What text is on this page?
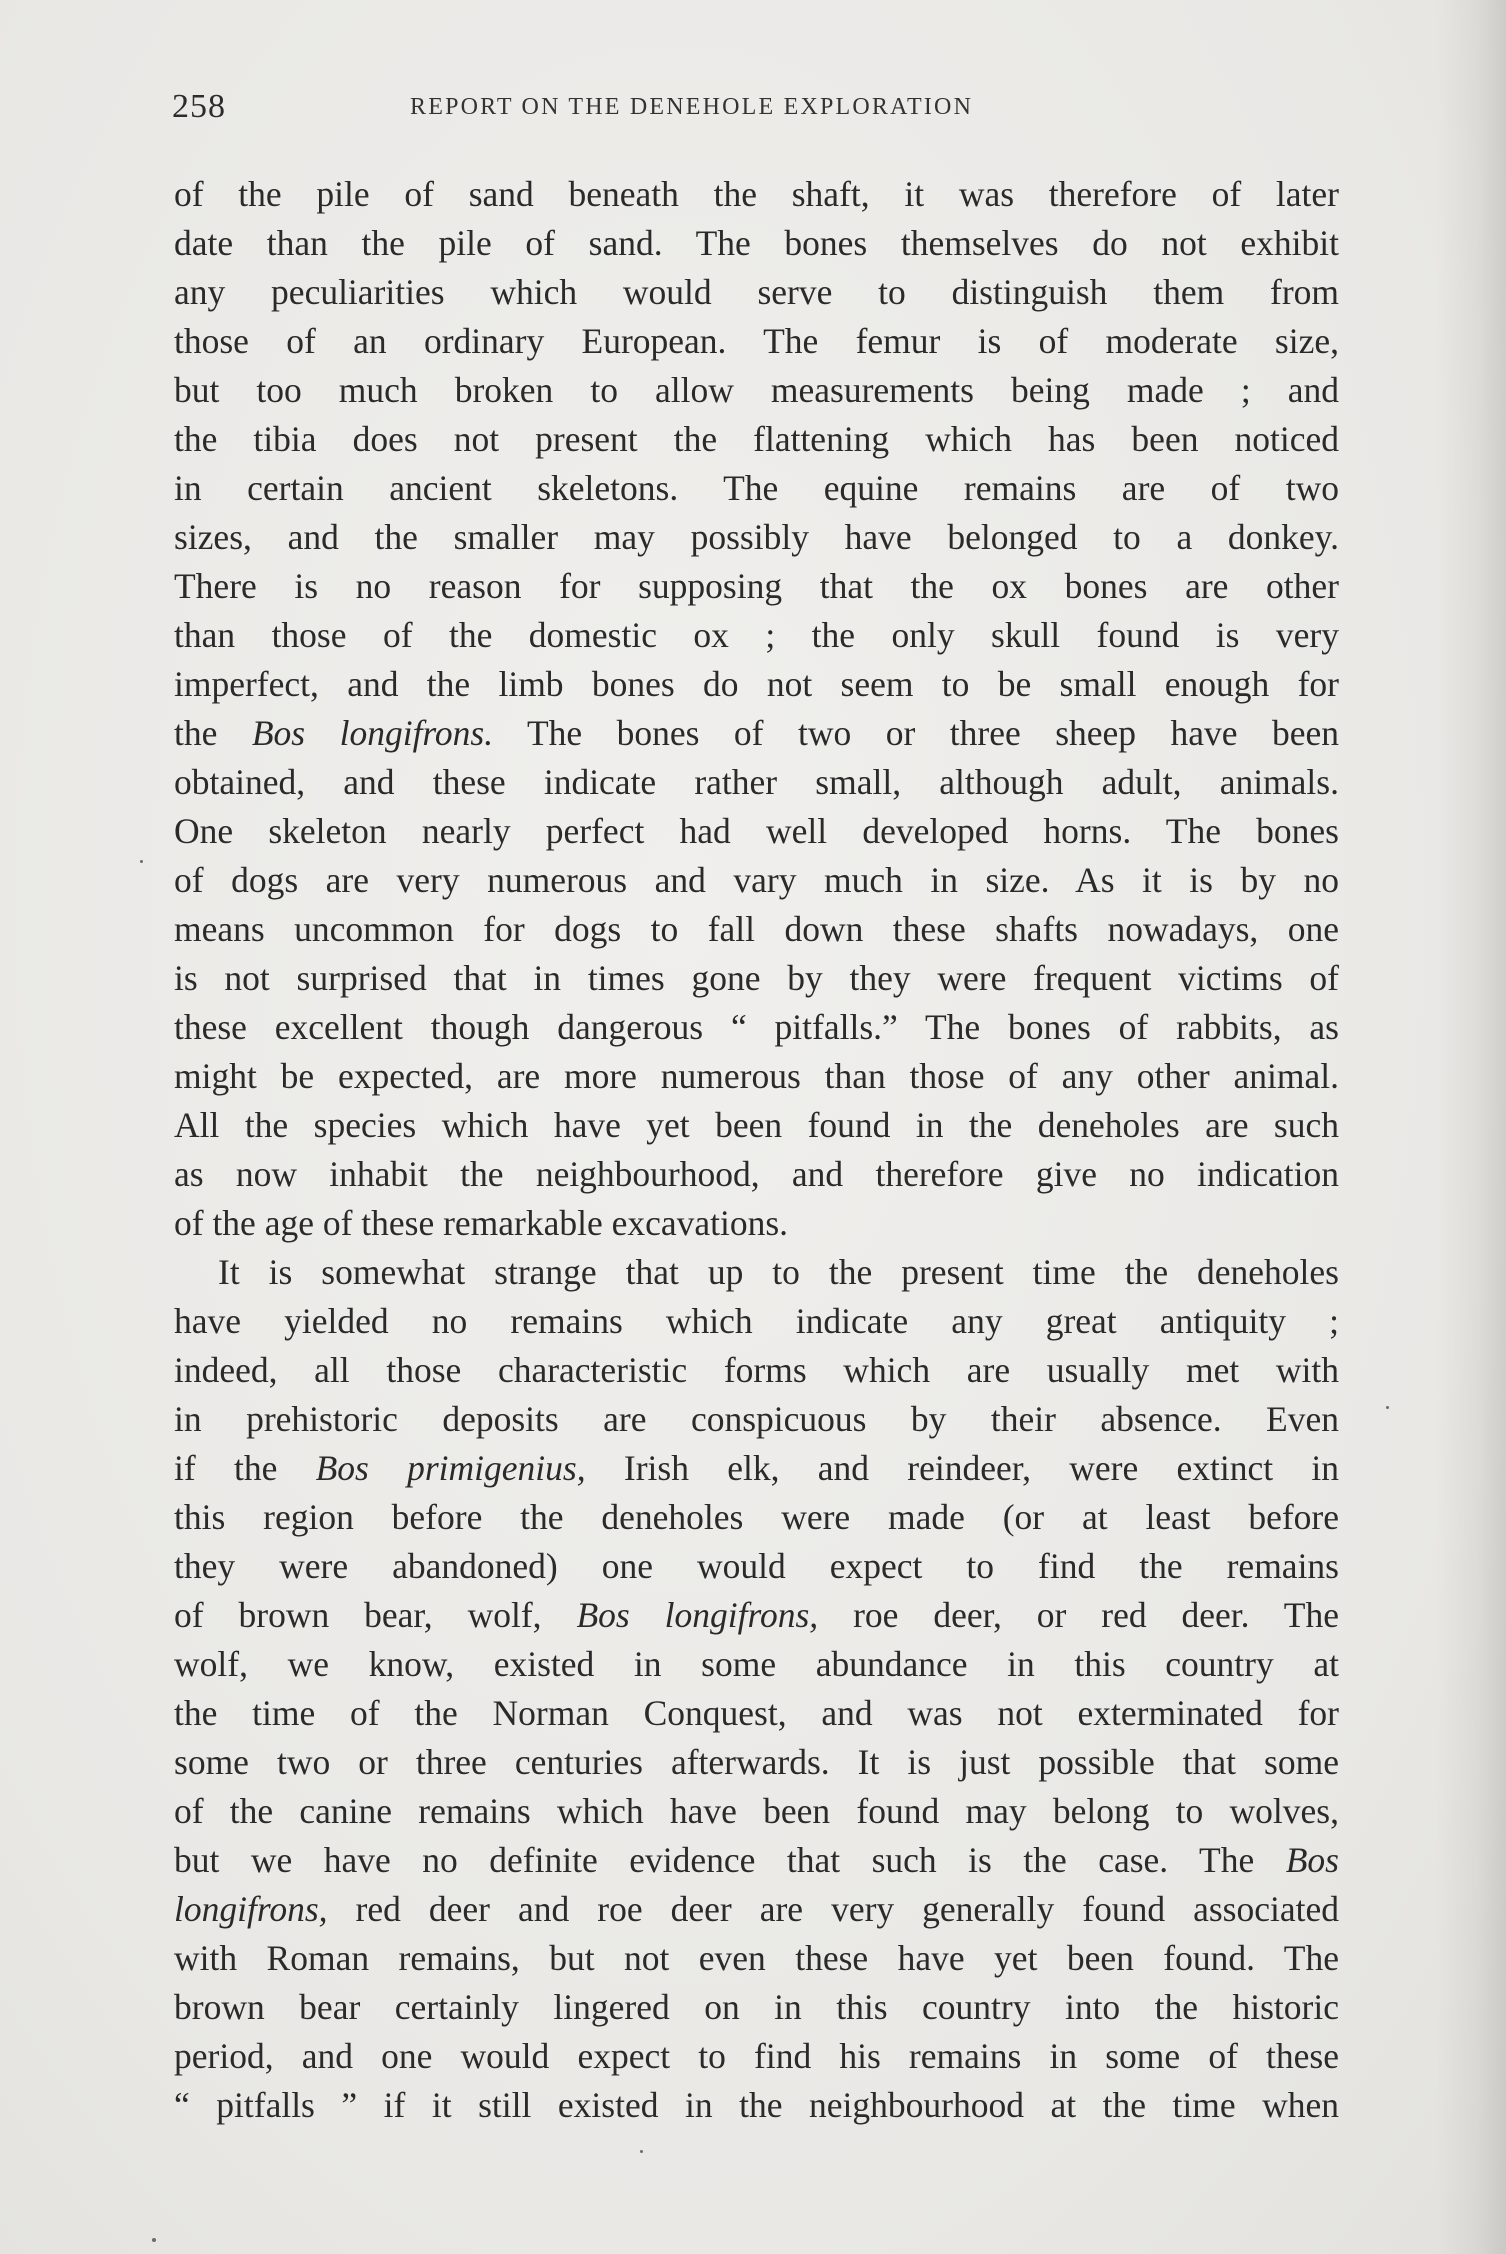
258	REPORT ON THE DENEHOLE EXPLORATION
of the pile of sand beneath the shaft, it was therefore of later
date than the pile of sand. The bones themselves do not exhibit
any peculiarities which would serve to distinguish them from
those of an ordinary European. The femur is of moderate size,
but too much broken to allow measurements being made ; and
the tibia does not present the flattening which has been noticed
in certain ancient skeletons. The equine remains are of two
sizes, and the smaller may possibly have belonged to a donkey.
There is no reason for supposing that the ox bones are other
than those of the domestic ox ; the only skull found is very
imperfect, and the limb bones do not seem to be small enough for
the Bos longifrons. The bones of two or three sheep have been
obtained, and these indicate rather small, although adult, animals.
One skeleton nearly perfect had well developed horns. The bones
of dogs are very numerous and vary much in size. As it is by no
means uncommon for dogs to fall down these shafts nowadays, one
is not surprised that in times gone by they were frequent victims of
these excellent though dangerous “ pitfalls.” The bones of rabbits, as
might be expected, are more numerous than those of any other animal.
All the species which have yet been found in the deneholes are such
as now inhabit the neighbourhood, and therefore give no indication
of the age of these remarkable excavations.
It is somewhat strange that up to the present time the deneholes
have yielded no remains which indicate any great antiquity ;
indeed, all those characteristic forms which are usually met with
in prehistoric deposits are conspicuous by their absence. Even
if the Bos primigenius, Irish elk, and reindeer, were extinct in
this region before the deneholes were made (or at least before
they were abandoned) one would expect to find the remains
of brown bear, wolf, Bos longifrons, roe deer, or red deer. The
wolf, we know, existed in some abundance in this country at
the time of the Norman Conquest, and was not exterminated for
some two or three centuries afterwards. It is just possible that some
of the canine remains which have been found may belong to wolves,
but we have no definite evidence that such is the case. The Bos
longifrons, red deer and roe deer are very generally found associated
with Roman remains, but not even these have yet been found. The
brown bear certainly lingered on in this country into the historic
period, and one would expect to find his remains in some of these
“ pitfalls ” if it still existed in the neighbourhood at the time when
